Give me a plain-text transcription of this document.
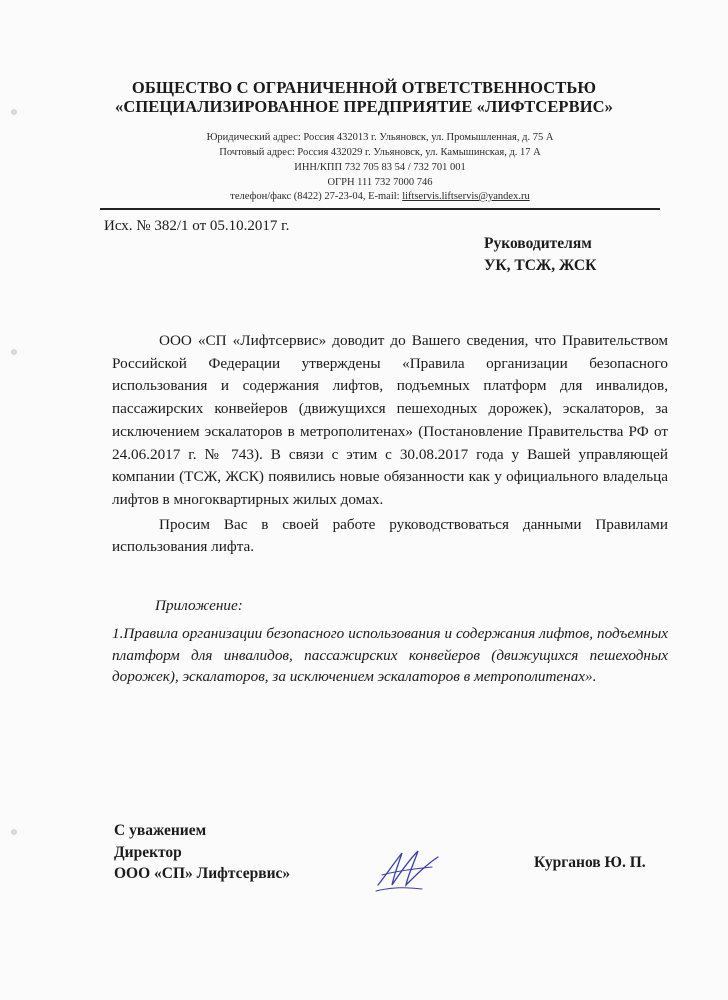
ОБЩЕСТВО С ОГРАНИЧЕННОЙ ОТВЕТСТВЕННОСТЬЮ
«СПЕЦИАЛИЗИРОВАННОЕ ПРЕДПРИЯТИЕ «ЛИФТСЕРВИС»
Юридический адрес: Россия 432013 г. Ульяновск, ул. Промышленная, д. 75 А
Почтовый адрес: Россия 432029 г. Ульяновск, ул. Камышинская, д. 17 А
ИНН/КПП 732 705 83 54 / 732 701 001
ОГРН 111 732 7000 746
телефон/факс (8422) 27-23-04, E-mail: liftservis.liftservis@yandex.ru
Исх. № 382/1 от 05.10.2017 г.
Руководителям
УК, ТСЖ, ЖСК

ООО «СП «Лифтсервис» доводит до Вашего сведения, что Правительством Российской Федерации утверждены «Правила организации безопасного использования и содержания лифтов, подъемных платформ для инвалидов, пассажирских конвейеров (движущихся пешеходных дорожек), эскалаторов, за исключением эскалаторов в метрополитенах» (Постановление Правительства РФ от 24.06.2017 г. № 743). В связи с этим с 30.08.2017 года у Вашей управляющей компании (ТСЖ, ЖСК) появились новые обязанности как у официального владельца лифтов в многоквартирных жилых домах.

Просим Вас в своей работе руководствоваться данными Правилами использования лифта.

Приложение:
1.Правила организации безопасного использования и содержания лифтов, подъемных платформ для инвалидов, пассажирских конвейеров (движущихся пешеходных дорожек), эскалаторов, за исключением эскалаторов в метрополитенах».
С уважением
Директор
ООО «СП» Лифтсервис»
Курганов Ю. П.
